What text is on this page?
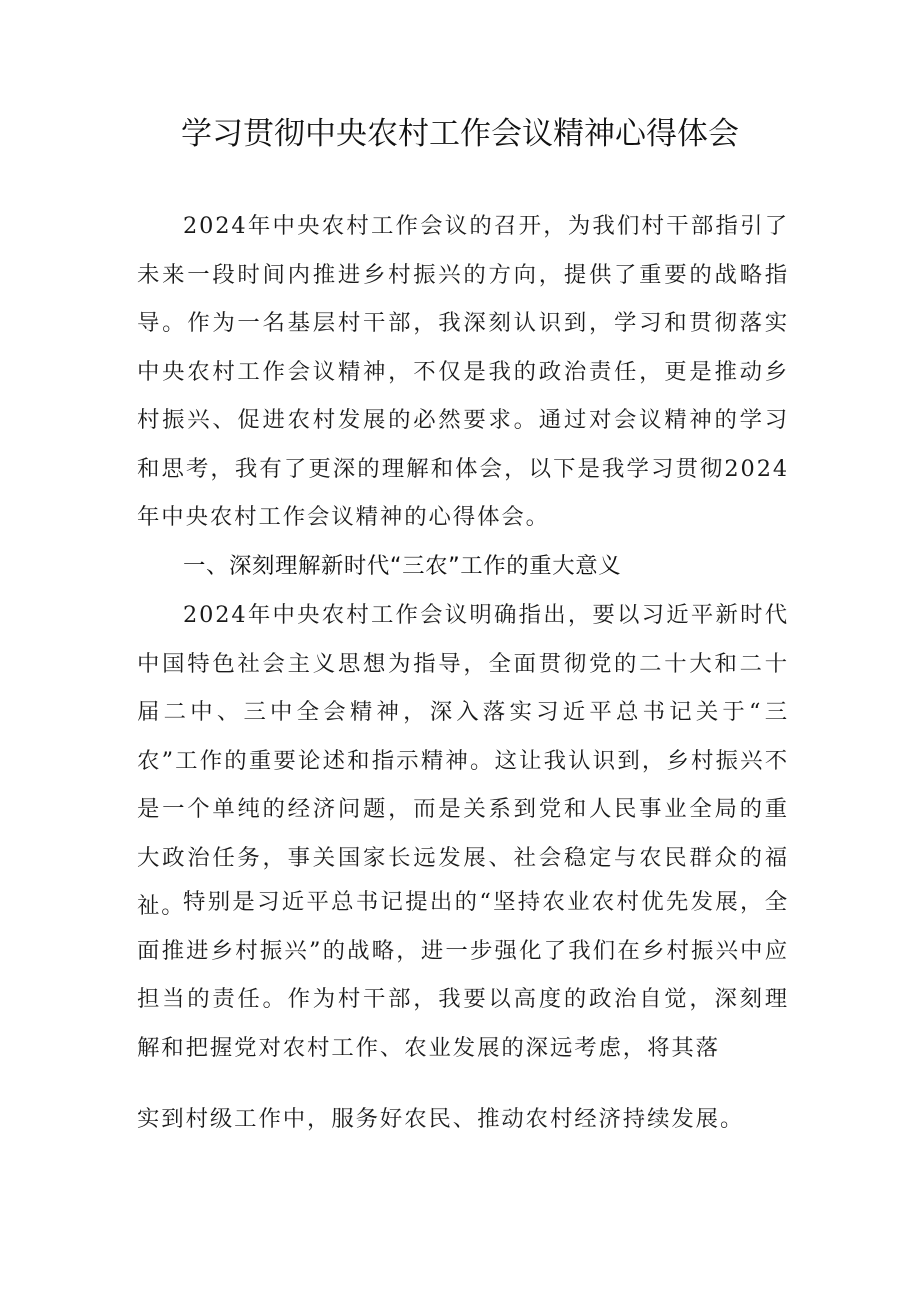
学习贯彻中央农村工作会议精神心得体会

2024年中央农村工作会议的召开，为我们村干部指引了未来一段时间内推进乡村振兴的方向，提供了重要的战略指导。作为一名基层村干部，我深刻认识到，学习和贯彻落实中央农村工作会议精神，不仅是我的政治责任，更是推动乡村振兴、促进农村发展的必然要求。通过对会议精神的学习和思考，我有了更深的理解和体会，以下是我学习贯彻2024年中央农村工作会议精神的心得体会。

一、深刻理解新时代“三农”工作的重大意义

2024年中央农村工作会议明确指出，要以习近平新时代中国特色社会主义思想为指导，全面贯彻党的二十大和二十届二中、三中全会精神，深入落实习近平总书记关于“三农”工作的重要论述和指示精神。这让我认识到，乡村振兴不是一个单纯的经济问题，而是关系到党和人民事业全局的重大政治任务，事关国家长远发展、社会稳定与农民群众的福祉。

特别是习近平总书记提出的“坚持农业农村优先发展，全面推进乡村振兴”的战略，进一步强化了我们在乡村振兴中应担当的责任。作为村干部，我要以高度的政治自觉，深刻理解和把握党对农村工作、农业发展的深远考虑，将其落

实到村级工作中，服务好农民、推动农村经济持续发展。
